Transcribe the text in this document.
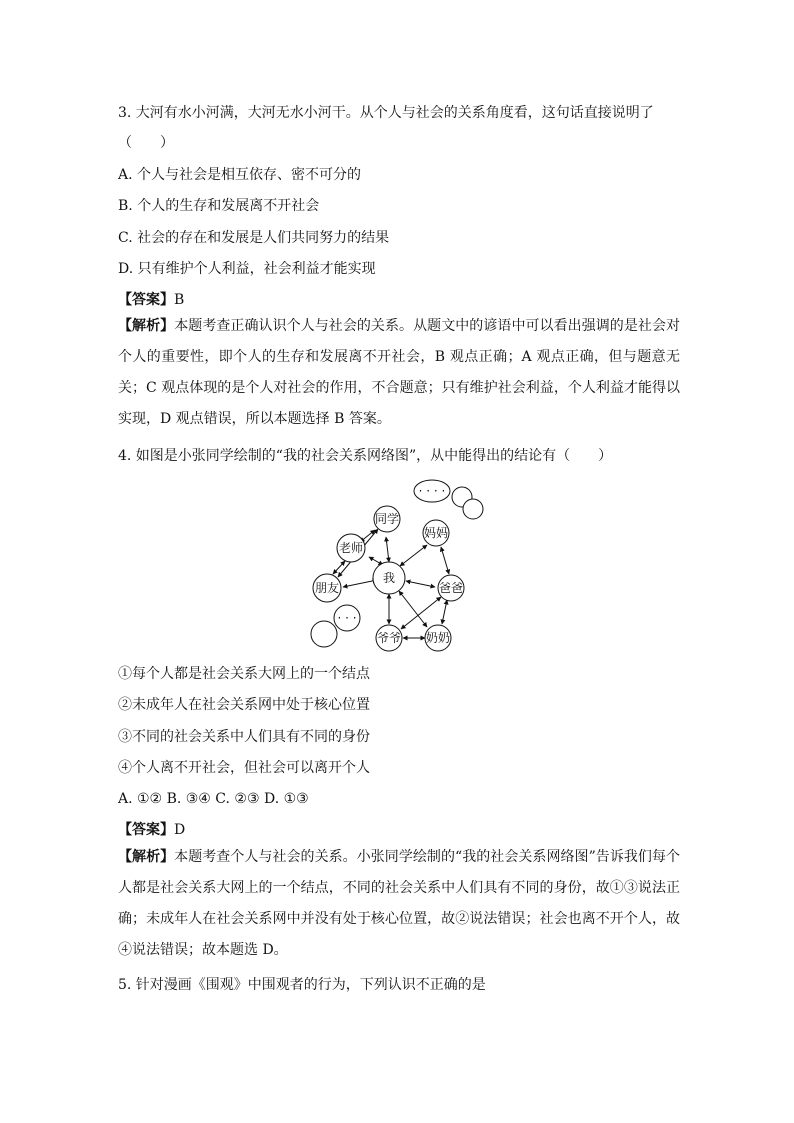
3. 大河有水小河满，大河无水小河干。从个人与社会的关系角度看，这句话直接说明了
（　　）
A. 个人与社会是相互依存、密不可分的
B. 个人的生存和发展离不开社会
C. 社会的存在和发展是人们共同努力的结果
D. 只有维护个人利益，社会利益才能实现
【答案】B
【解析】本题考查正确认识个人与社会的关系。从题文中的谚语中可以看出强调的是社会对个人的重要性，即个人的生存和发展离不开社会，B 观点正确；A 观点正确，但与题意无关；C 观点体现的是个人对社会的作用，不合题意；只有维护社会利益，个人利益才能得以实现，D 观点错误，所以本题选择 B 答案。
4. 如图是小张同学绘制的“我的社会关系网络图”，从中能得出的结论有（　　）
· · · ·
同学
妈妈
老师
我
爸爸
朋友
· · ·
爷爷 奶奶
①每个人都是社会关系大网上的一个结点
②未成年人在社会关系网中处于核心位置
③不同的社会关系中人们具有不同的身份
④个人离不开社会，但社会可以离开个人
A. ①② B. ③④ C. ②③ D. ①③
【答案】D
【解析】本题考查个人与社会的关系。小张同学绘制的“我的社会关系网络图”告诉我们每个人都是社会关系大网上的一个结点，不同的社会关系中人们具有不同的身份，故①③说法正确；未成年人在社会关系网中并没有处于核心位置，故②说法错误；社会也离不开个人，故④说法错误；故本题选 D。
5. 针对漫画《围观》中围观者的行为，下列认识不正确的是
